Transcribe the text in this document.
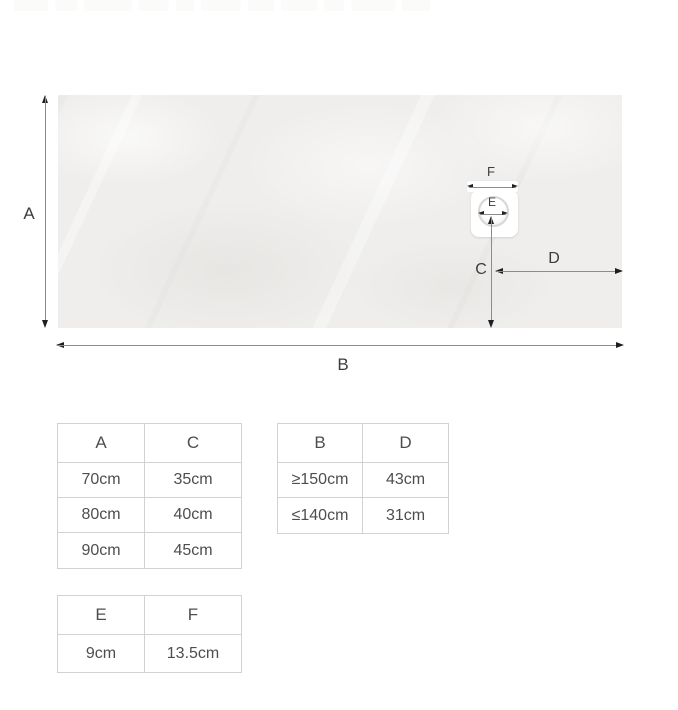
A
B
F
E
C
D
A	C
70cm	35cm
80cm	40cm
90cm	45cm
B	D
≥150cm	43cm
≤140cm	31cm
E	F
9cm	13.5cm
